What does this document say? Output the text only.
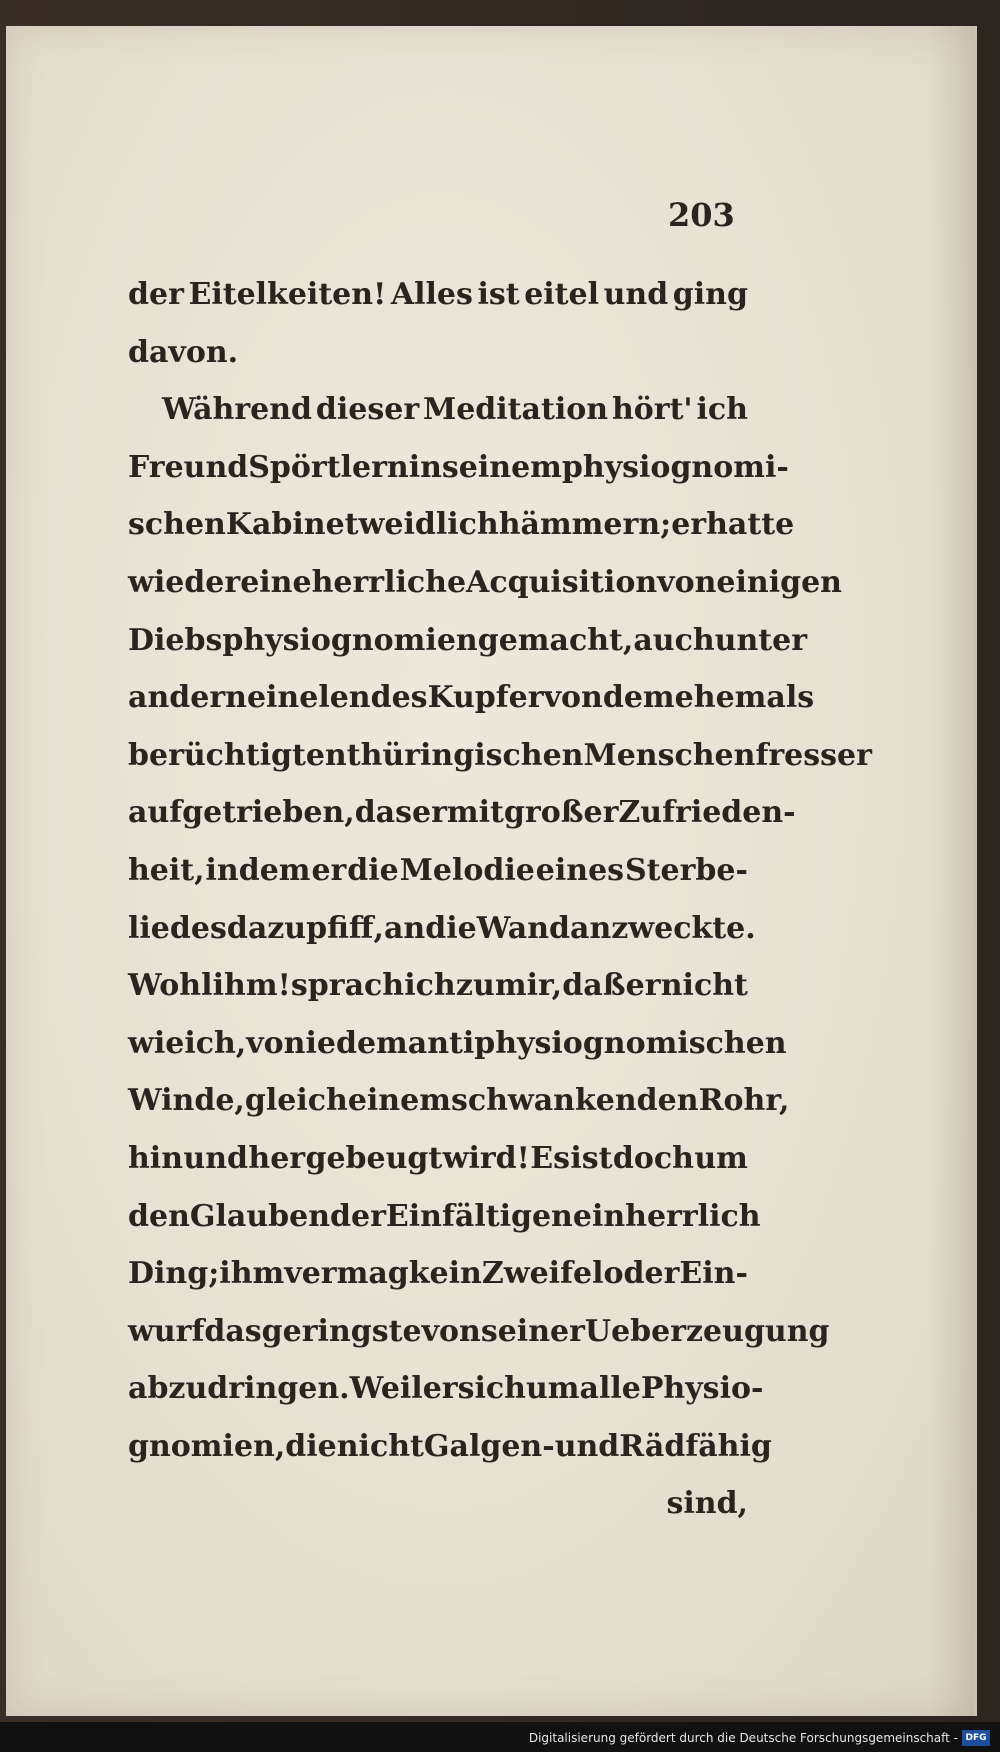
203
der Eitelkeiten! Alles ist eitel und ging
davon.
Während dieser Meditation hört' ich
Freund Spörtlern in seinem physiognomi-
schen Kabinet weidlich hämmern; er hatte
wieder eine herrliche Acquisition von einigen
Diebsphysiognomien gemacht, auch unter
andern ein elendes Kupfer von dem ehemals
berüchtigten thüringischen Menschenfresser
aufgetrieben, das er mit großer Zufrieden-
heit, indem er die Melodie eines Sterbe-
liedes dazu pfiff, an die Wand anzweckte.
Wohl ihm! sprach ich zu mir, daß er nicht
wie ich, von iedem antiphysiognomischen
Winde, gleich einem schwankenden Rohr,
hin und her gebeugt wird! Es ist doch um
den Glauben der Einfältigen ein herrlich
Ding; ihm vermag kein Zweifel oder Ein-
wurf das geringste von seiner Ueberzeugung
abzudringen. Weil er sich um alle Physio-
gnomien, die nicht Galgen- und Rädfähig
sind,
Digitalisierung gefördert durch die Deutsche Forschungsgemeinschaft - DFG
